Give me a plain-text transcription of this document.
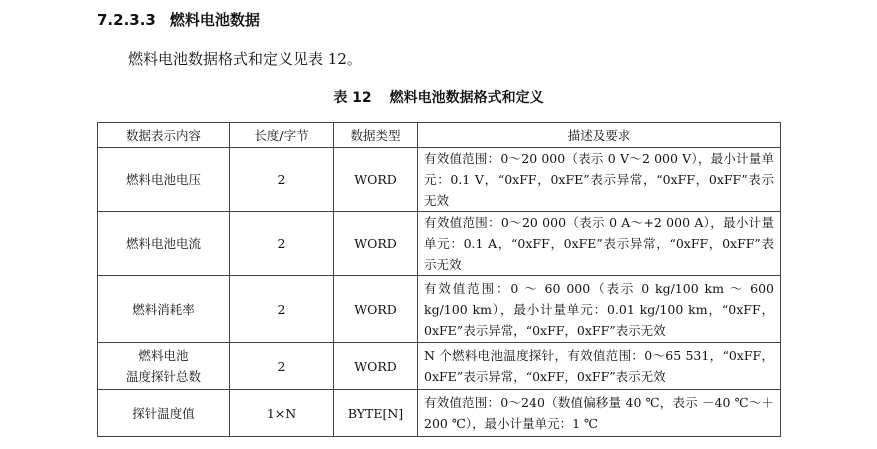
7.2.3.3 燃料电池数据
燃料电池数据格式和定义见表 12。
表 12 燃料电池数据格式和定义
数据表示内容	长度/字节	数据类型	描述及要求
燃料电池电压	2	WORD	有效值范围：0～20 000（表示 0 V～2 000 V），最小计量单元：0.1 V，“0xFF，0xFE”表示异常，“0xFF，0xFF”表示无效
燃料电池电流	2	WORD	有效值范围：0～20 000（表示 0 A～+2 000 A），最小计量单元：0.1 A，“0xFF，0xFE”表示异常，“0xFF，0xFF”表示无效
燃料消耗率	2	WORD	有效值范围：0 ～ 60 000（表示 0 kg/100 km ～ 600 kg/100 km），最小计量单元：0.01 kg/100 km，“0xFF，0xFE”表示异常，“0xFF，0xFF”表示无效

燃料电池
温度探针总数	2	WORD	N 个燃料电池温度探针，有效值范围：0～65 531，“0xFF，0xFE”表示异常，“0xFF，0xFF”表示无效
探针温度值	1×N	BYTE[N]	有效值范围：0～240（数值偏移量 40 ℃，表示 －40 ℃～＋200 ℃），最小计量单元：1 ℃
